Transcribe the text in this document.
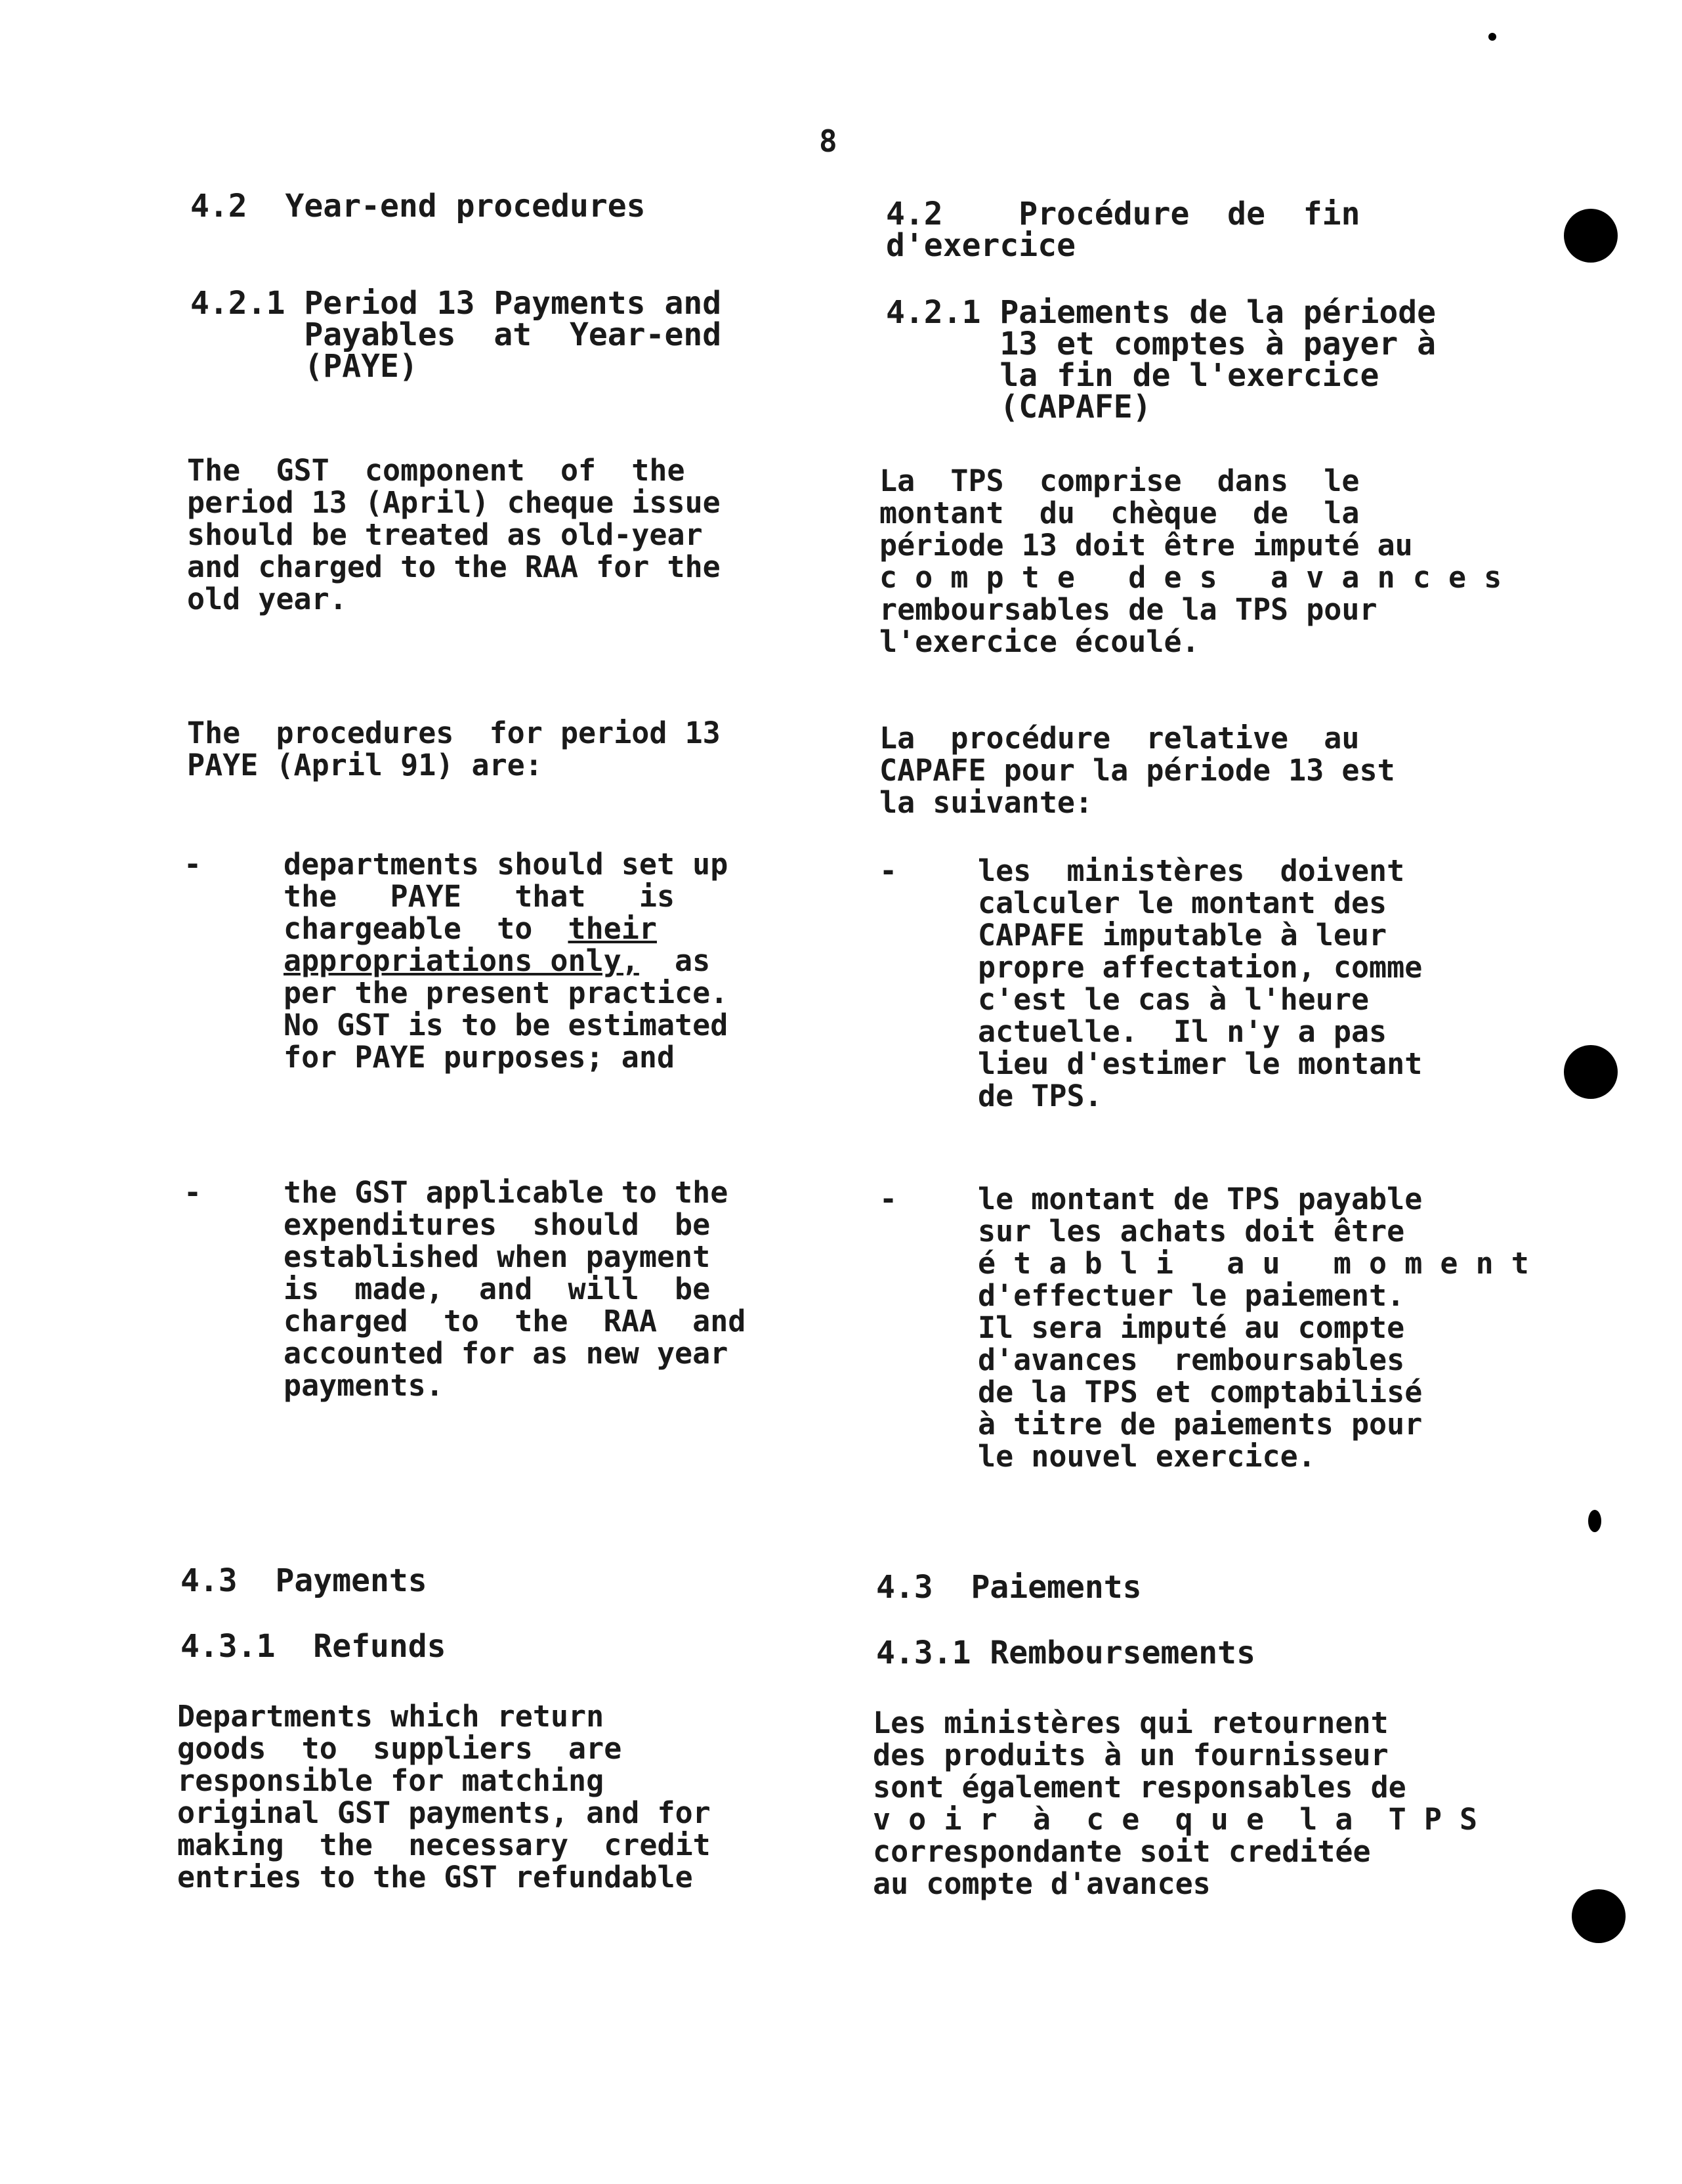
8
4.2  Year-end procedures
4.2.1 Period 13 Payments and
Payables  at  Year-end
(PAYE)
The  GST  component  of  the
period 13 (April) cheque issue
should be treated as old-year
and charged to the RAA for the
old year.
The  procedures  for period 13
PAYE (April 91) are:
-	departments should set up
the   PAYE   that   is
chargeable  to  their
appropriations only,  as
per the present practice.
No GST is to be estimated
for PAYE purposes; and
-	the GST applicable to the
expenditures  should  be
established when payment
is  made,  and  will  be
charged  to  the  RAA  and
accounted for as new year
payments.
4.3  Payments
4.3.1  Refunds
Departments which return
goods  to  suppliers  are
responsible for matching
original GST payments, and for
making  the  necessary  credit
entries to the GST refundable
4.2    Procédure  de  fin
d'exercice
4.2.1 Paiements de la période
13 et comptes à payer à
la fin de l'exercice
(CAPAFE)
La  TPS  comprise  dans  le
montant  du  chèque  de  la
période 13 doit être imputé au
c o m p t e   d e s   a v a n c e s
remboursables de la TPS pour
l'exercice écoulé.
La  procédure  relative  au
CAPAFE pour la période 13 est
la suivante:
-	les  ministères  doivent
calculer le montant des
CAPAFE imputable à leur
propre affectation, comme
c'est le cas à l'heure
actuelle.  Il n'y a pas
lieu d'estimer le montant
de TPS.
-	le montant de TPS payable
sur les achats doit être
é t a b l i   a u   m o m e n t
d'effectuer le paiement.
Il sera imputé au compte
d'avances  remboursables
de la TPS et comptabilisé
à titre de paiements pour
le nouvel exercice.
4.3  Paiements
4.3.1 Remboursements
Les ministères qui retournent
des produits à un fournisseur
sont également responsables de
v o i r  à  c e  q u e  l a  T P S
correspondante soit creditée
au compte d'avances
